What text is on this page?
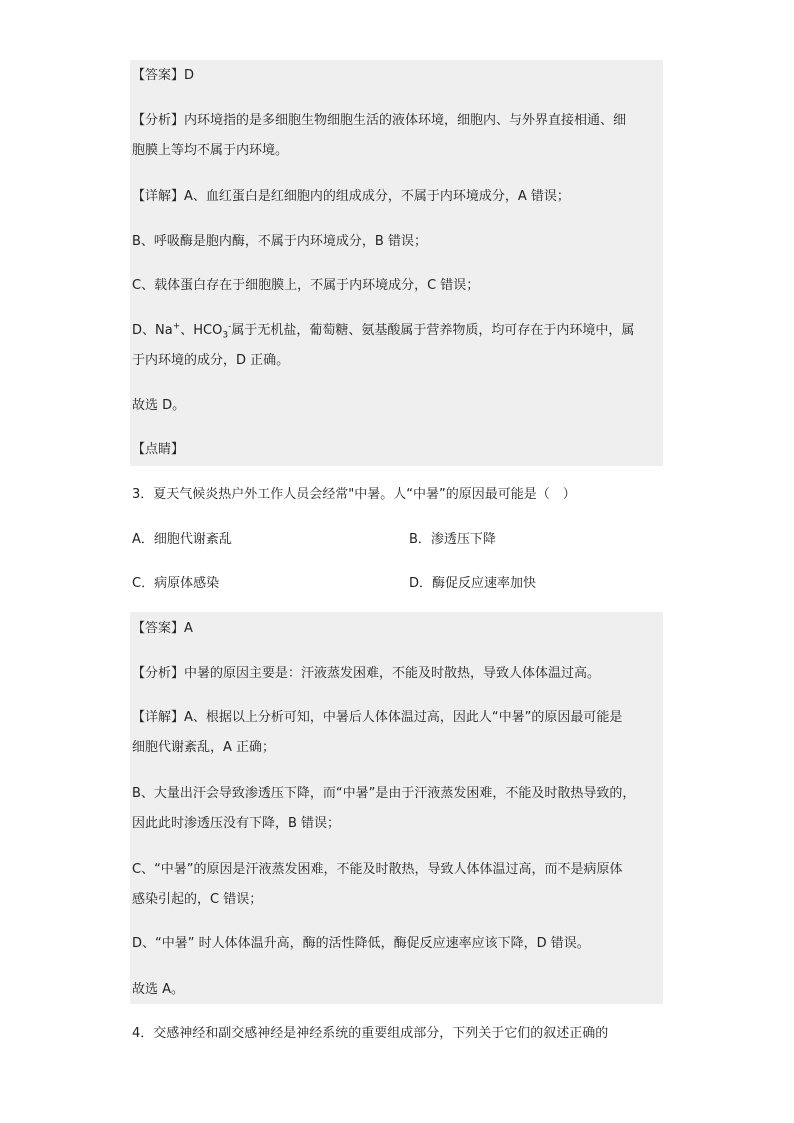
【答案】D
【分析】内环境指的是多细胞生物细胞生活的液体环境，细胞内、与外界直接相通、细
胞膜上等均不属于内环境。
【详解】A、血红蛋白是红细胞内的组成成分，不属于内环境成分，A 错误；
B、呼吸酶是胞内酶，不属于内环境成分，B 错误；
C、载体蛋白存在于细胞膜上，不属于内环境成分，C 错误；
D、Na+、$HCO_3^-$属于无机盐，葡萄糖、氨基酸属于营养物质，均可存在于内环境中，属
于内环境的成分，D 正确。
故选 D。
【点睛】
3．夏天气候炎热户外工作人员会经常"中暑。人“中暑”的原因最可能是（　）
A．细胞代谢紊乱	B．渗透压下降
C．病原体感染	D．酶促反应速率加快
【答案】A
【分析】中暑的原因主要是：汗液蒸发困难，不能及时散热，导致人体体温过高。
【详解】A、根据以上分析可知，中暑后人体体温过高，因此人“中暑”的原因最可能是
细胞代谢紊乱，A 正确；
B、大量出汗会导致渗透压下降，而“中暑”是由于汗液蒸发困难，不能及时散热导致的，
因此此时渗透压没有下降，B 错误；
C、“中暑”的原因是汗液蒸发困难，不能及时散热，导致人体体温过高，而不是病原体
感染引起的，C 错误；
D、“中暑” 时人体体温升高，酶的活性降低，酶促反应速率应该下降，D 错误。
故选 A。
4．交感神经和副交感神经是神经系统的重要组成部分，下列关于它们的叙述正确的
